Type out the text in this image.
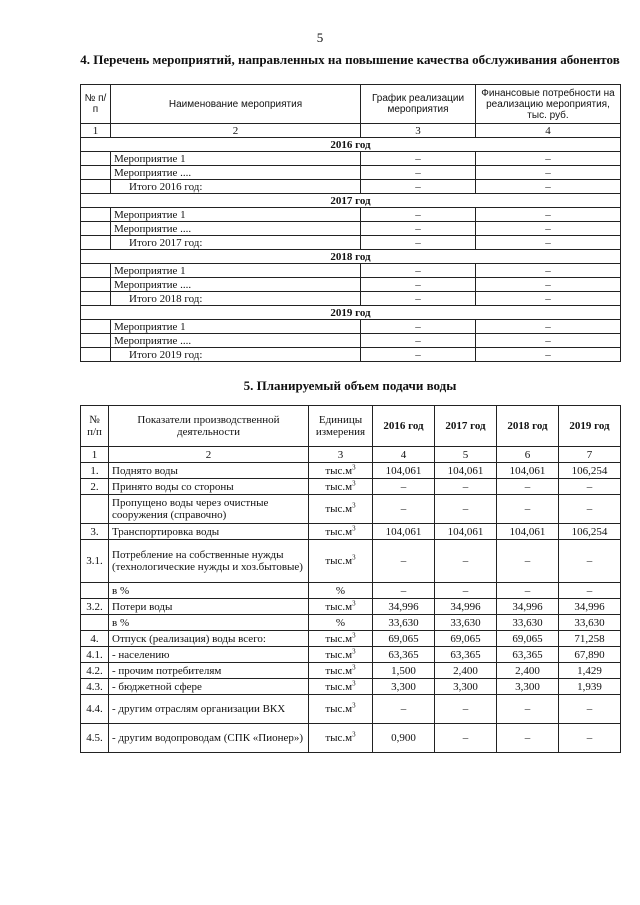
5
4. Перечень мероприятий, направленных на повышение качества обслуживания абонентов
№ п/п	Наименование мероприятия	График реализации мероприятия	Финансовые потребности на реализацию мероприятия, тыс. руб.
1	2	3	4
2016 год			
	Мероприятие 1	–	–
	Мероприятие ....	–	–
	Итого 2016 год:	–	–
2017 год			
	Мероприятие 1	–	–
	Мероприятие ....	–	–
	Итого 2017 год:	–	–
2018 год			
	Мероприятие 1	–	–
	Мероприятие ....	–	–
	Итого 2018 год:	–	–
2019 год			
	Мероприятие 1	–	–
	Мероприятие ....	–	–
	Итого 2019 год:	–	–
5. Планируемый объем подачи воды
№ п/п	Показатели производственной деятельности	Единицы измерения	2016 год	2017 год	2018 год	2019 год
1	2	3	4	5	6	7
1.	Поднято воды	$тыс.м^3$	104,061	104,061	104,061	106,254
2.	Принято воды со стороны	$тыс.м^3$	–	–	–	–
	Пропущено воды через очистные сооружения (справочно)	$тыс.м^3$	–	–	–	–
3.	Транспортировка воды	$тыс.м^3$	104,061	104,061	104,061	106,254
3.1.	Потребление на собственные нужды (технологические нужды и хоз.бытовые)	$тыс.м^3$	–	–	–	–
	в %	%	–	–	–	–
3.2.	Потери воды	$тыс.м^3$	34,996	34,996	34,996	34,996
	в %	%	33,630	33,630	33,630	33,630
4.	Отпуск (реализация) воды всего:	$тыс.м^3$	69,065	69,065	69,065	71,258
4.1.	- населению	$тыс.м^3$	63,365	63,365	63,365	67,890
4.2.	- прочим потребителям	$тыс.м^3$	1,500	2,400	2,400	1,429
4.3.	- бюджетной сфере	$тыс.м^3$	3,300	3,300	3,300	1,939
4.4.	- другим отраслям организации ВКХ	$тыс.м^3$	–	–	–	–
4.5.	- другим водопроводам (СПК «Пионер»)	$тыс.м^3$	0,900	–	–	–
